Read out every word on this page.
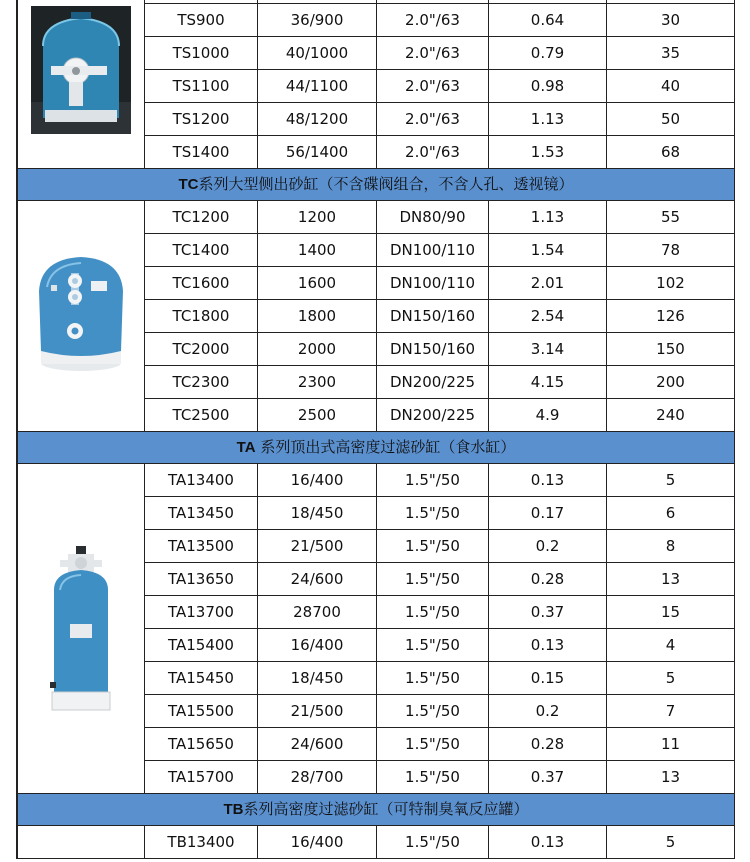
	TS900	36/900	2.0"/63	0.64	30
	TS1000	40/1000	2.0"/63	0.79	35
	TS1100	44/1100	2.0"/63	0.98	40
	TS1200	48/1200	2.0"/63	1.13	50
	TS1400	56/1400	2.0"/63	1.53	68
TC系列大型侧出砂缸（不含碟阀组合，不含人孔、透视镜）					

	TC1200	1200	DN80/90	1.13	55
	TC1400	1400	DN100/110	1.54	78
	TC1600	1600	DN100/110	2.01	102
	TC1800	1800	DN150/160	2.54	126
	TC2000	2000	DN150/160	3.14	150
	TC2300	2300	DN200/225	4.15	200
	TC2500	2500	DN200/225	4.9	240
TA 系列顶出式高密度过滤砂缸（食水缸）					

	TA13400	16/400	1.5"/50	0.13	5
	TA13450	18/450	1.5"/50	0.17	6
	TA13500	21/500	1.5"/50	0.2	8
	TA13650	24/600	1.5"/50	0.28	13
	TA13700	28700	1.5"/50	0.37	15
	TA15400	16/400	1.5"/50	0.13	4
	TA15450	18/450	1.5"/50	0.15	5
	TA15500	21/500	1.5"/50	0.2	7
	TA15650	24/600	1.5"/50	0.28	11
	TA15700	28/700	1.5"/50	0.37	13
TB系列高密度过滤砂缸（可特制臭氧反应罐）					
	TB13400	16/400	1.5"/50	0.13	5
